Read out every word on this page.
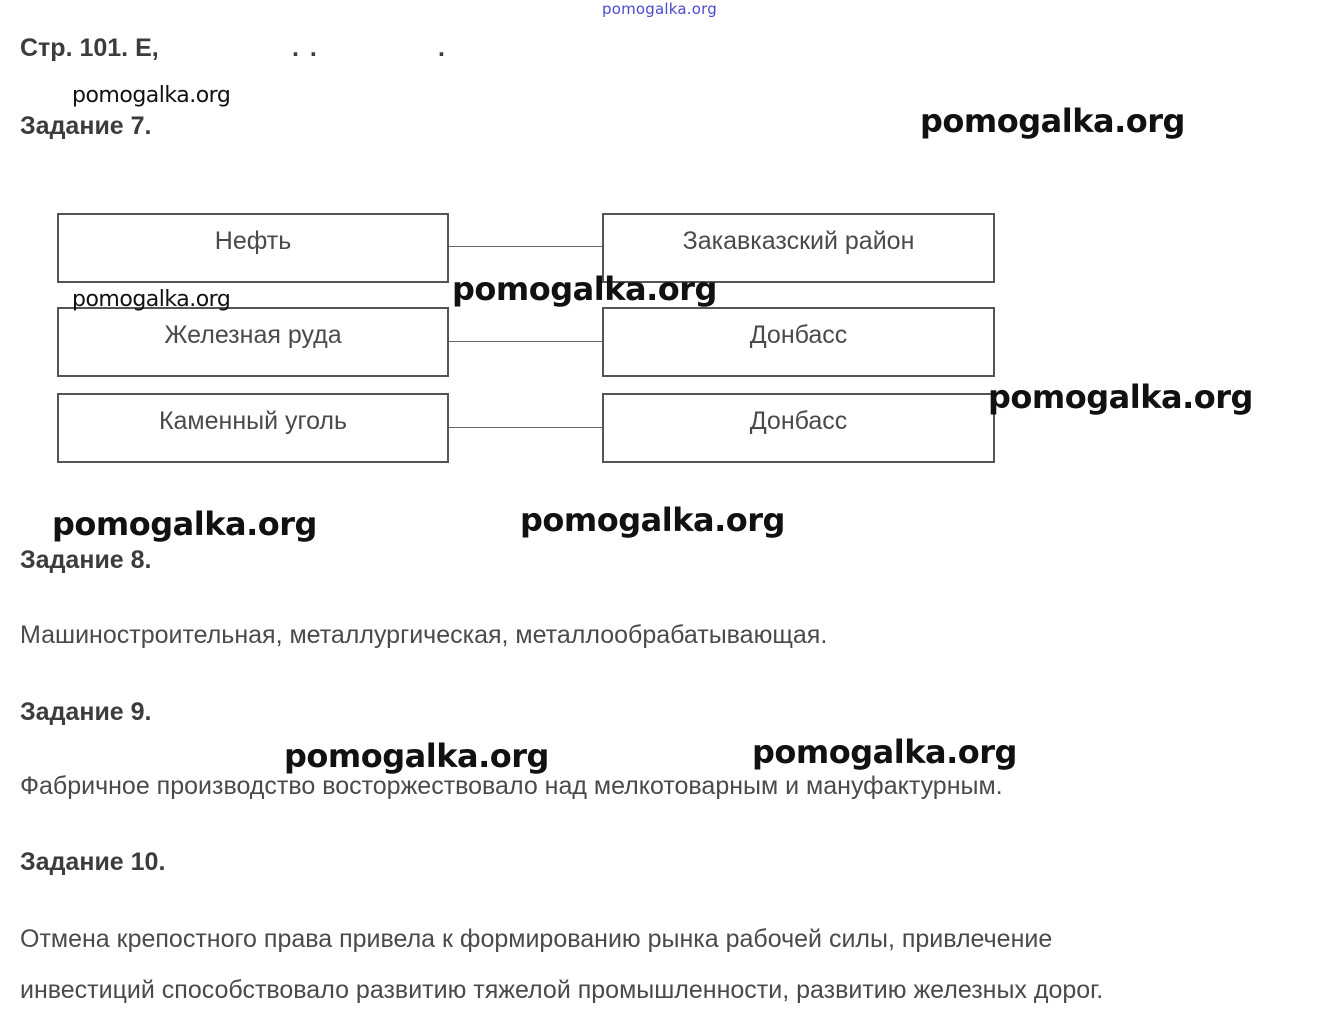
pomogalka.org
Стр. 101. Е,	. .	.
Задание 7.
Нефть	Закавказский район
Железная руда	Донбасс
Каменный уголь	Донбасс
Задание 8.
Машиностроительная, металлургическая, металлообрабатывающая.
Задание 9.
Фабричное производство восторжествовало над мелкотоварным и мануфактурным.
Задание 10.
Отмена крепостного права привела к формированию рынка рабочей силы, привлечение
инвестиций способствовало развитию тяжелой промышленности, развитию железных дорог.
pomogalka.org
pomogalka.org
pomogalka.org	pomogalka.org
pomogalka.org
pomogalka.org	pomogalka.org
pomogalka.org	pomogalka.org
